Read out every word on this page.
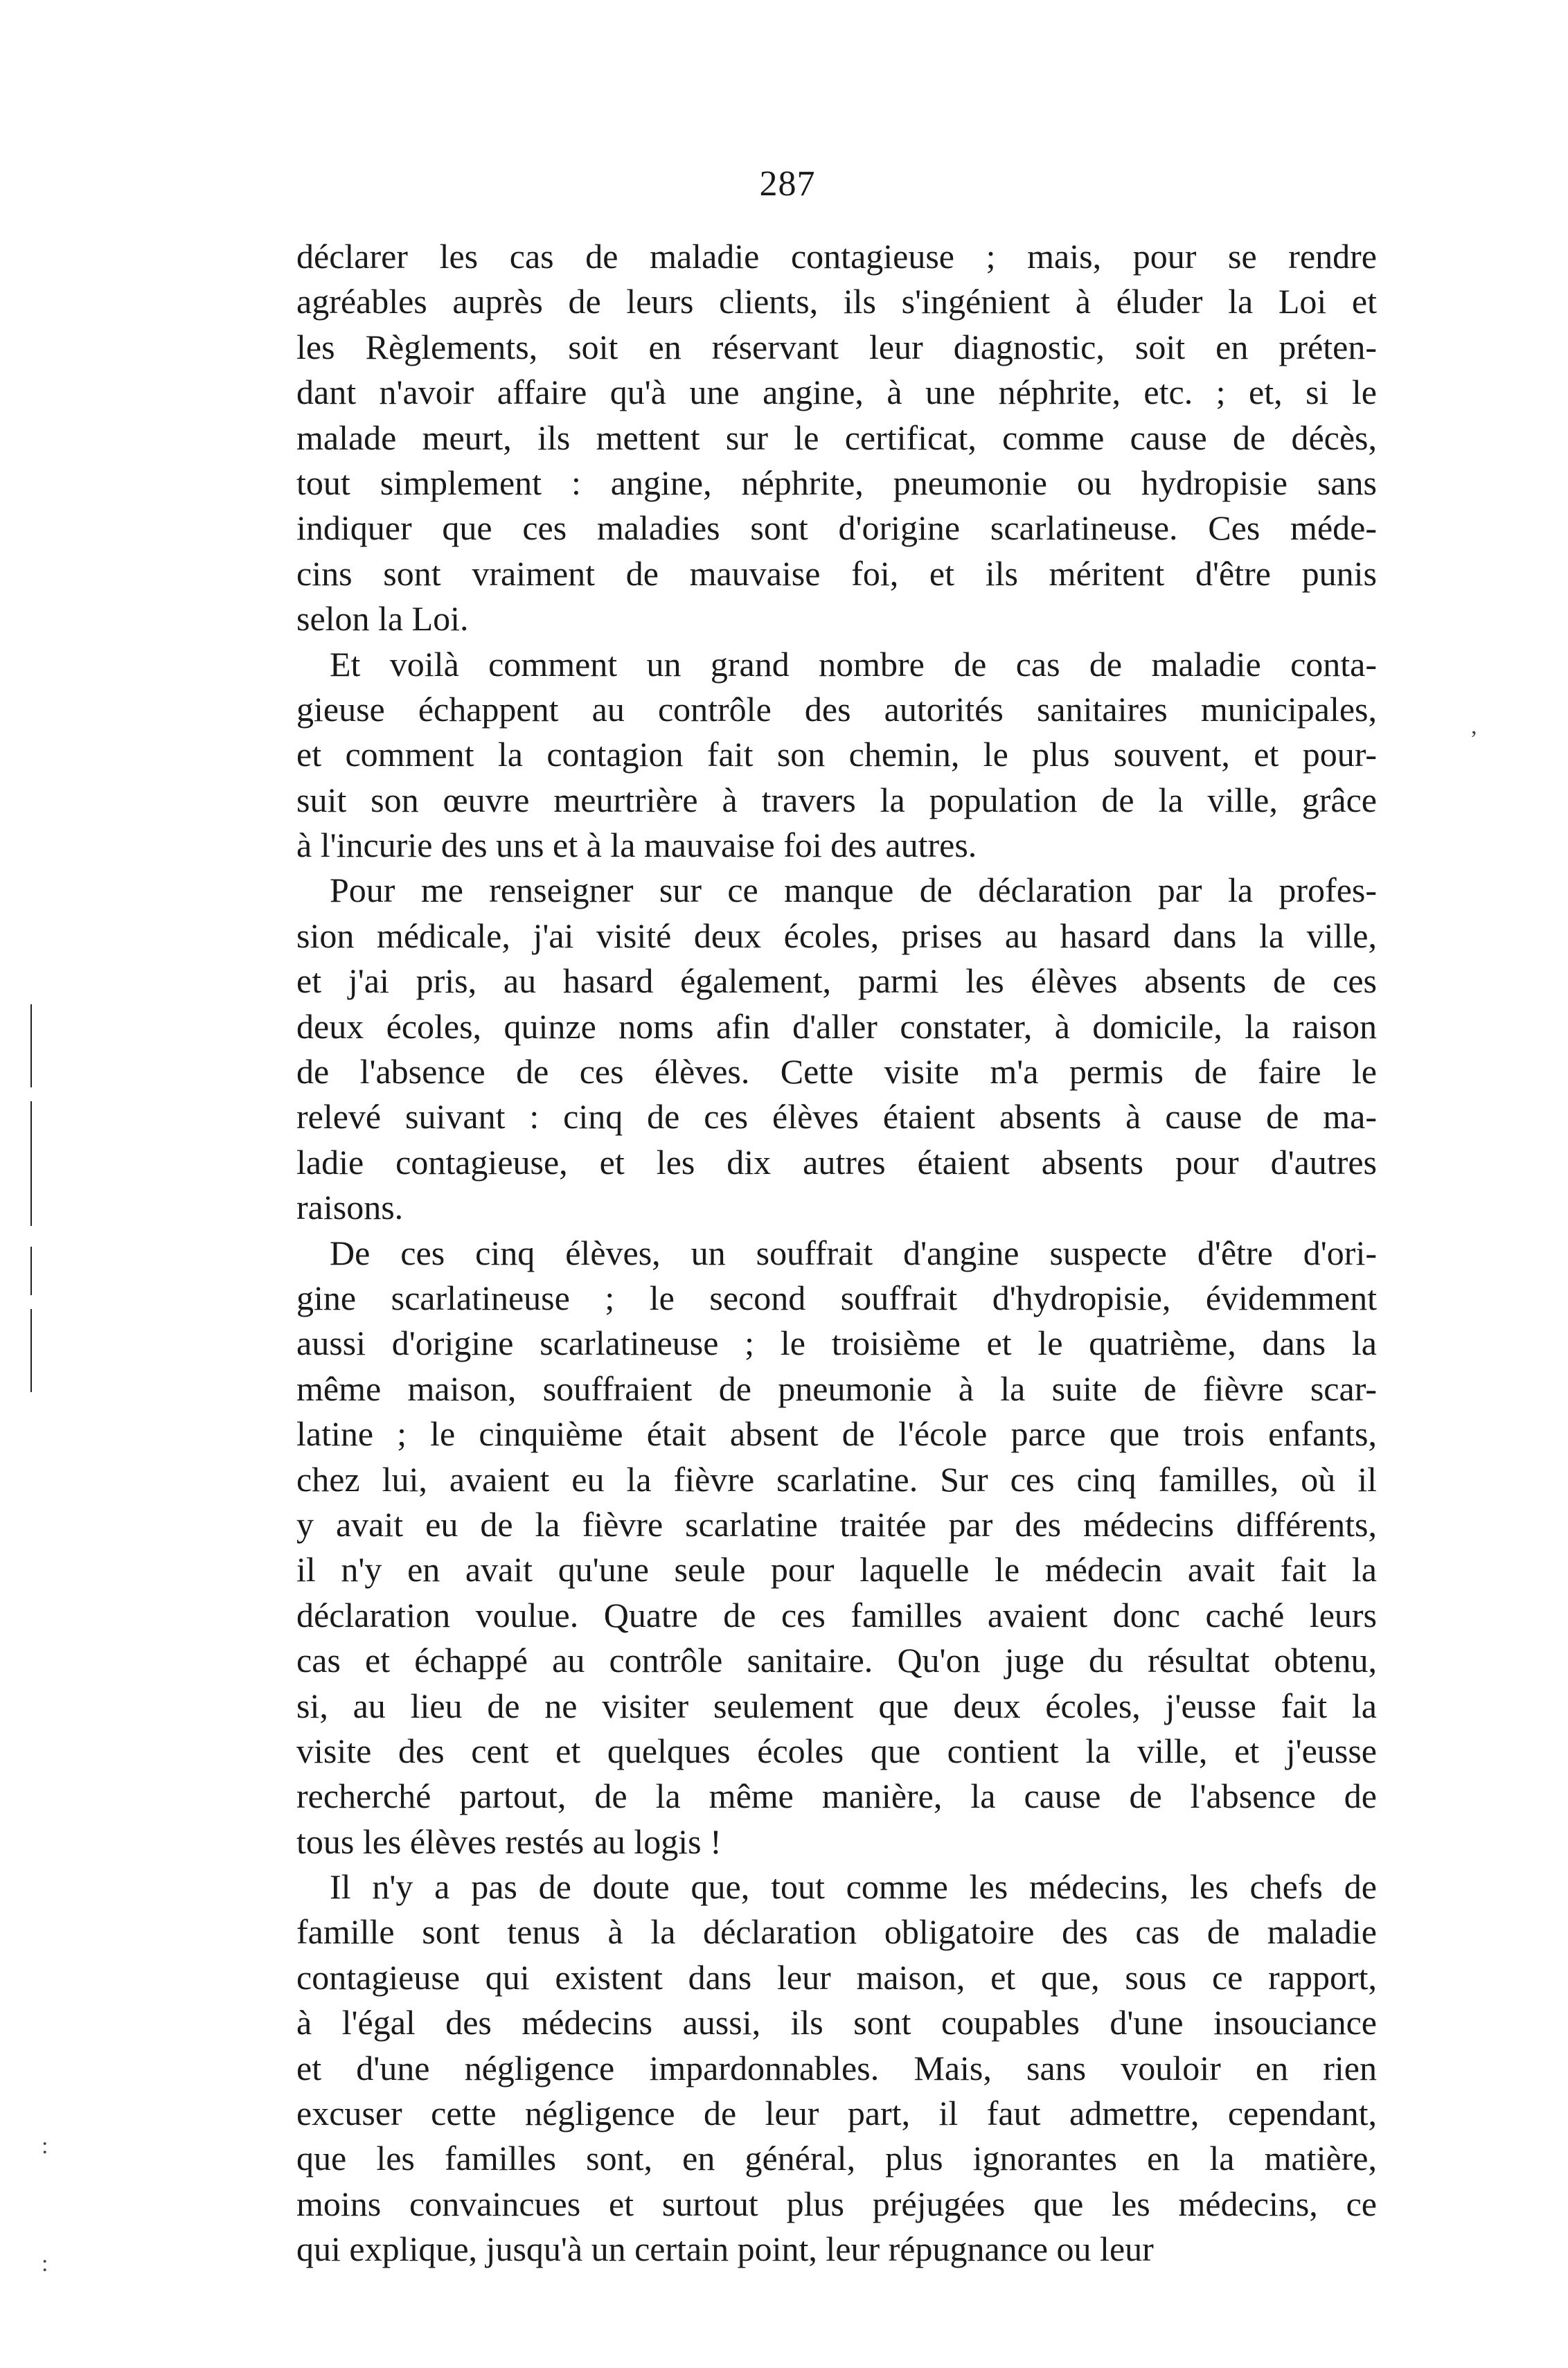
287
déclarer les cas de maladie contagieuse ; mais, pour se rendre
agréables auprès de leurs clients, ils s'ingénient à éluder la Loi et
les Règlements, soit en réservant leur diagnostic, soit en préten-
dant n'avoir affaire qu'à une angine, à une néphrite, etc. ; et, si le
malade meurt, ils mettent sur le certificat, comme cause de décès,
tout simplement : angine, néphrite, pneumonie ou hydropisie sans
indiquer que ces maladies sont d'origine scarlatineuse. Ces méde-
cins sont vraiment de mauvaise foi, et ils méritent d'être punis
selon la Loi.
Et voilà comment un grand nombre de cas de maladie conta-
gieuse échappent au contrôle des autorités sanitaires municipales,
et comment la contagion fait son chemin, le plus souvent, et pour-
suit son œuvre meurtrière à travers la population de la ville, grâce
à l'incurie des uns et à la mauvaise foi des autres.
Pour me renseigner sur ce manque de déclaration par la profes-
sion médicale, j'ai visité deux écoles, prises au hasard dans la ville,
et j'ai pris, au hasard également, parmi les élèves absents de ces
deux écoles, quinze noms afin d'aller constater, à domicile, la raison
de l'absence de ces élèves. Cette visite m'a permis de faire le
relevé suivant : cinq de ces élèves étaient absents à cause de ma-
ladie contagieuse, et les dix autres étaient absents pour d'autres
raisons.
De ces cinq élèves, un souffrait d'angine suspecte d'être d'ori-
gine scarlatineuse ; le second souffrait d'hydropisie, évidemment
aussi d'origine scarlatineuse ; le troisième et le quatrième, dans la
même maison, souffraient de pneumonie à la suite de fièvre scar-
latine ; le cinquième était absent de l'école parce que trois enfants,
chez lui, avaient eu la fièvre scarlatine. Sur ces cinq familles, où il
y avait eu de la fièvre scarlatine traitée par des médecins différents,
il n'y en avait qu'une seule pour laquelle le médecin avait fait la
déclaration voulue. Quatre de ces familles avaient donc caché leurs
cas et échappé au contrôle sanitaire. Qu'on juge du résultat obtenu,
si, au lieu de ne visiter seulement que deux écoles, j'eusse fait la
visite des cent et quelques écoles que contient la ville, et j'eusse
recherché partout, de la même manière, la cause de l'absence de
tous les élèves restés au logis !
Il n'y a pas de doute que, tout comme les médecins, les chefs de
famille sont tenus à la déclaration obligatoire des cas de maladie
contagieuse qui existent dans leur maison, et que, sous ce rapport,
à l'égal des médecins aussi, ils sont coupables d'une insouciance
et d'une négligence impardonnables. Mais, sans vouloir en rien
excuser cette négligence de leur part, il faut admettre, cependant,
que les familles sont, en général, plus ignorantes en la matière,
moins convaincues et surtout plus préjugées que les médecins, ce
qui explique, jusqu'à un certain point, leur répugnance ou leur
,
:
:
